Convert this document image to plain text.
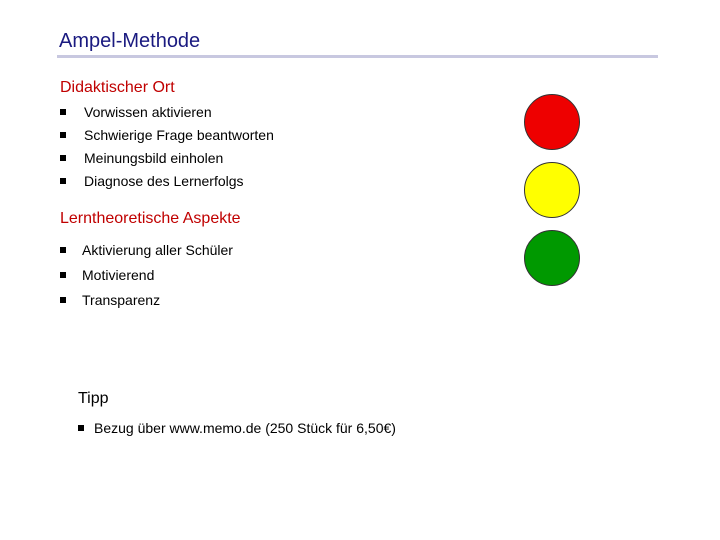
Ampel-Methode
Didaktischer Ort
Vorwissen aktivieren
Schwierige Frage beantworten
Meinungsbild einholen
Diagnose des Lernerfolgs
Lerntheoretische Aspekte
Aktivierung aller Schüler
Motivierend
Transparenz
Tipp
Bezug über www.memo.de (250 Stück für 6,50€)
